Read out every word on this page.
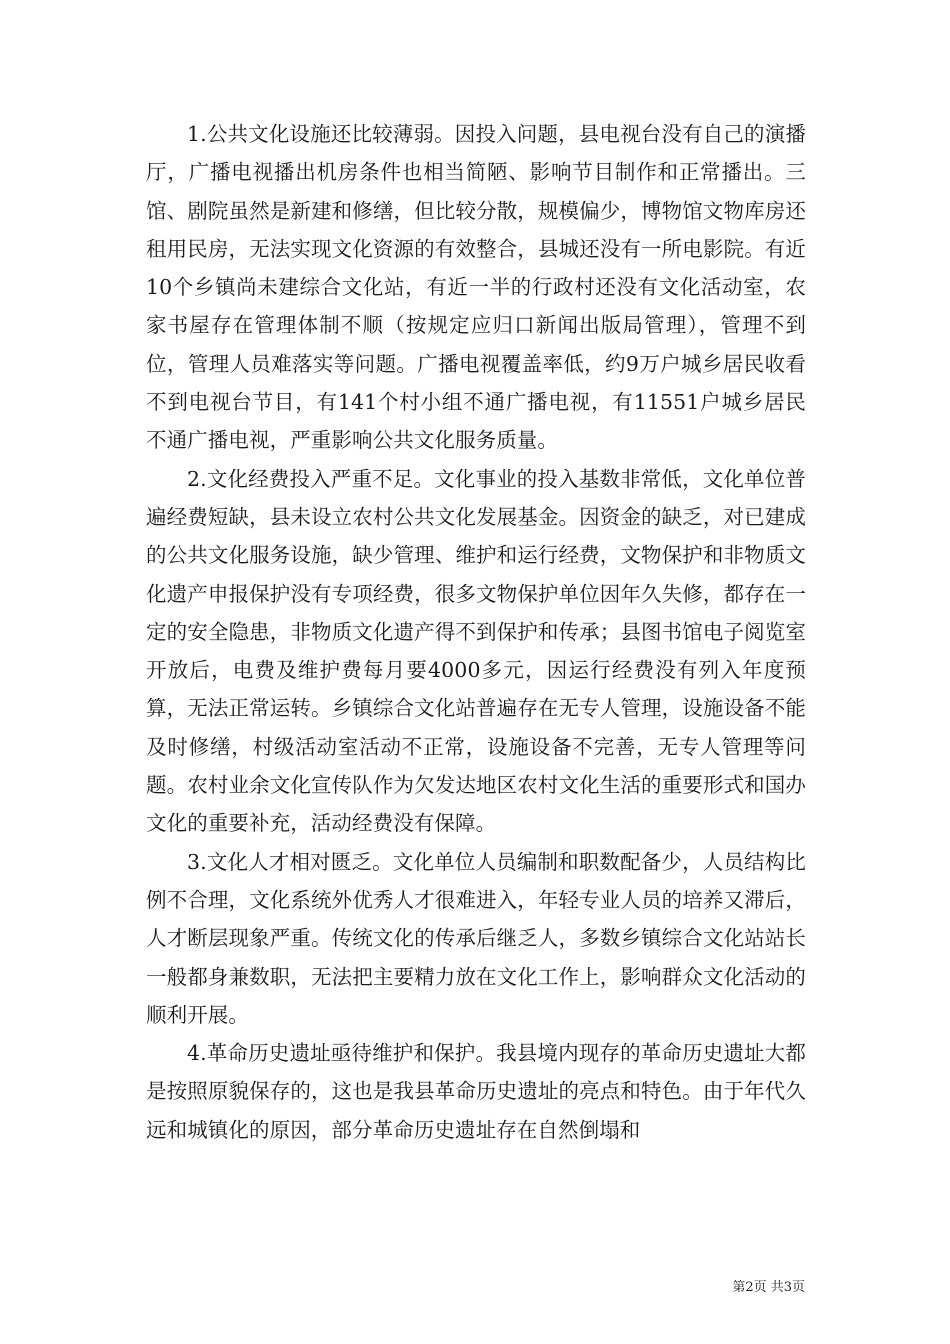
1.公共文化设施还比较薄弱。因投入问题，县电视台没有自己的演播厅，广播电视播出机房条件也相当简陋、影响节目制作和正常播出。三馆、剧院虽然是新建和修缮，但比较分散，规模偏少，博物馆文物库房还租用民房，无法实现文化资源的有效整合，县城还没有一所电影院。有近10个乡镇尚未建综合文化站，有近一半的行政村还没有文化活动室，农家书屋存在管理体制不顺（按规定应归口新闻出版局管理），管理不到位，管理人员难落实等问题。广播电视覆盖率低，约9万户城乡居民收看不到电视台节目，有141个村小组不通广播电视，有11551户城乡居民不通广播电视，严重影响公共文化服务质量。

2.文化经费投入严重不足。文化事业的投入基数非常低，文化单位普遍经费短缺，县未设立农村公共文化发展基金。因资金的缺乏，对已建成的公共文化服务设施，缺少管理、维护和运行经费，文物保护和非物质文化遗产申报保护没有专项经费，很多文物保护单位因年久失修，都存在一定的安全隐患，非物质文化遗产得不到保护和传承；县图书馆电子阅览室开放后，电费及维护费每月要4000多元，因运行经费没有列入年度预算，无法正常运转。乡镇综合文化站普遍存在无专人管理，设施设备不能及时修缮，村级活动室活动不正常，设施设备不完善，无专人管理等问题。农村业余文化宣传队作为欠发达地区农村文化生活的重要形式和国办文化的重要补充，活动经费没有保障。

3.文化人才相对匮乏。文化单位人员编制和职数配备少，人员结构比例不合理，文化系统外优秀人才很难进入，年轻专业人员的培养又滞后，人才断层现象严重。传统文化的传承后继乏人，多数乡镇综合文化站站长一般都身兼数职，无法把主要精力放在文化工作上，影响群众文化活动的顺利开展。

4.革命历史遗址亟待维护和保护。我县境内现存的革命历史遗址大都是按照原貌保存的，这也是我县革命历史遗址的亮点和特色。由于年代久远和城镇化的原因，部分革命历史遗址存在自然倒塌和

第2页 共3页
